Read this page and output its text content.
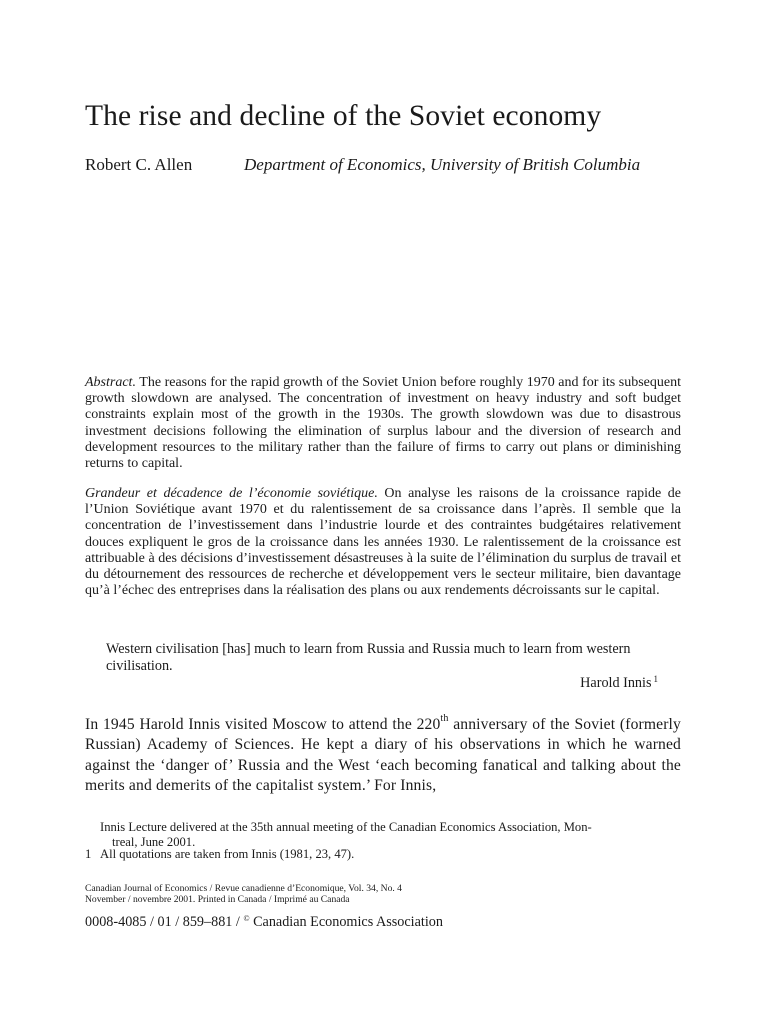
The rise and decline of the Soviet economy
Robert C. Allen	Department of Economics, University of British Columbia
Abstract. The reasons for the rapid growth of the Soviet Union before roughly 1970 and for its subsequent growth slowdown are analysed. The concentration of investment on heavy industry and soft budget constraints explain most of the growth in the 1930s. The growth slowdown was due to disastrous investment decisions following the elimination of surplus labour and the diversion of research and development resources to the military rather than the failure of firms to carry out plans or diminishing returns to capital.
Grandeur et décadence de l’économie soviétique. On analyse les raisons de la croissance rapide de l’Union Soviétique avant 1970 et du ralentissement de sa croissance dans l’après. Il semble que la concentration de l’investissement dans l’industrie lourde et des contraintes budgétaires relativement douces expliquent le gros de la croissance dans les années 1930. Le ralentissement de la croissance est attribuable à des décisions d’investissement désastreuses à la suite de l’élimination du surplus de travail et du détournement des ressources de recherche et développement vers le secteur militaire, bien davantage qu’à l’échec des entreprises dans la réalisation des plans ou aux rendements décroissants sur le capital.
Western civilisation [has] much to learn from Russia and Russia much to learn from western civilisation.
Harold Innis $^1$
In 1945 Harold Innis visited Moscow to attend the 220th anniversary of the Soviet (formerly Russian) Academy of Sciences. He kept a diary of his observations in which he warned against the ‘danger of’ Russia and the West ‘each becoming fanatical and talking about the merits and demerits of the capitalist system.’ For Innis,
Innis Lecture delivered at the 35th annual meeting of the Canadian Economics Association, Mon-
treal, June 2001.
1 All quotations are taken from Innis (1981, 23, 47).
Canadian Journal of Economics / Revue canadienne d’Economique, Vol. 34, No. 4
November / novembre 2001. Printed in Canada / Imprimé au Canada
0008-4085 / 01 / 859–881 / © Canadian Economics Association
